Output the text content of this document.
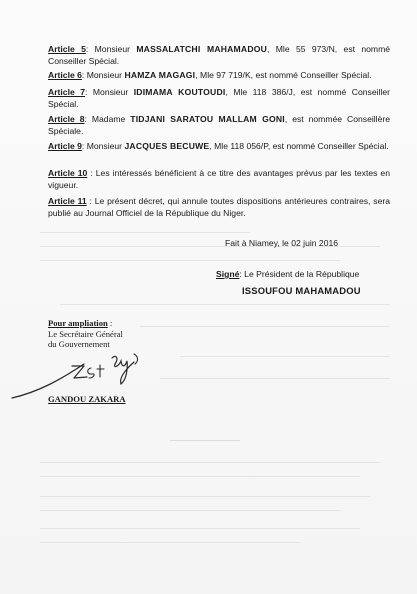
Article 5: Monsieur MASSALATCHI MAHAMADOU, Mle 55 973/N, est nommé Conseiller Spécial.
Article 6: Monsieur HAMZA MAGAGI, Mle 97 719/K, est nommé Conseiller Spécial.
Article 7: Monsieur IDIMAMA KOUTOUDI, Mle 118 386/J, est nommé Conseiller Spécial.
Article 8: Madame TIDJANI SARATOU MALLAM GONI, est nommée Conseillère Spéciale.
Article 9: Monsieur JACQUES BECUWE, Mle 118 056/P, est nommé Conseiller Spécial.
Article 10 : Les intéressés bénéficient à ce titre des avantages prévus par les textes en vigueur.
Article 11 : Le présent décret, qui annule toutes dispositions antérieures contraires, sera publié au Journal Officiel de la République du Niger.
Fait à Niamey, le 02 juin 2016
Signé: Le Président de la République
ISSOUFOU MAHAMADOU
Pour ampliation :
Le Secrétaire Général
du Gouvernement
GANDOU ZAKARA
